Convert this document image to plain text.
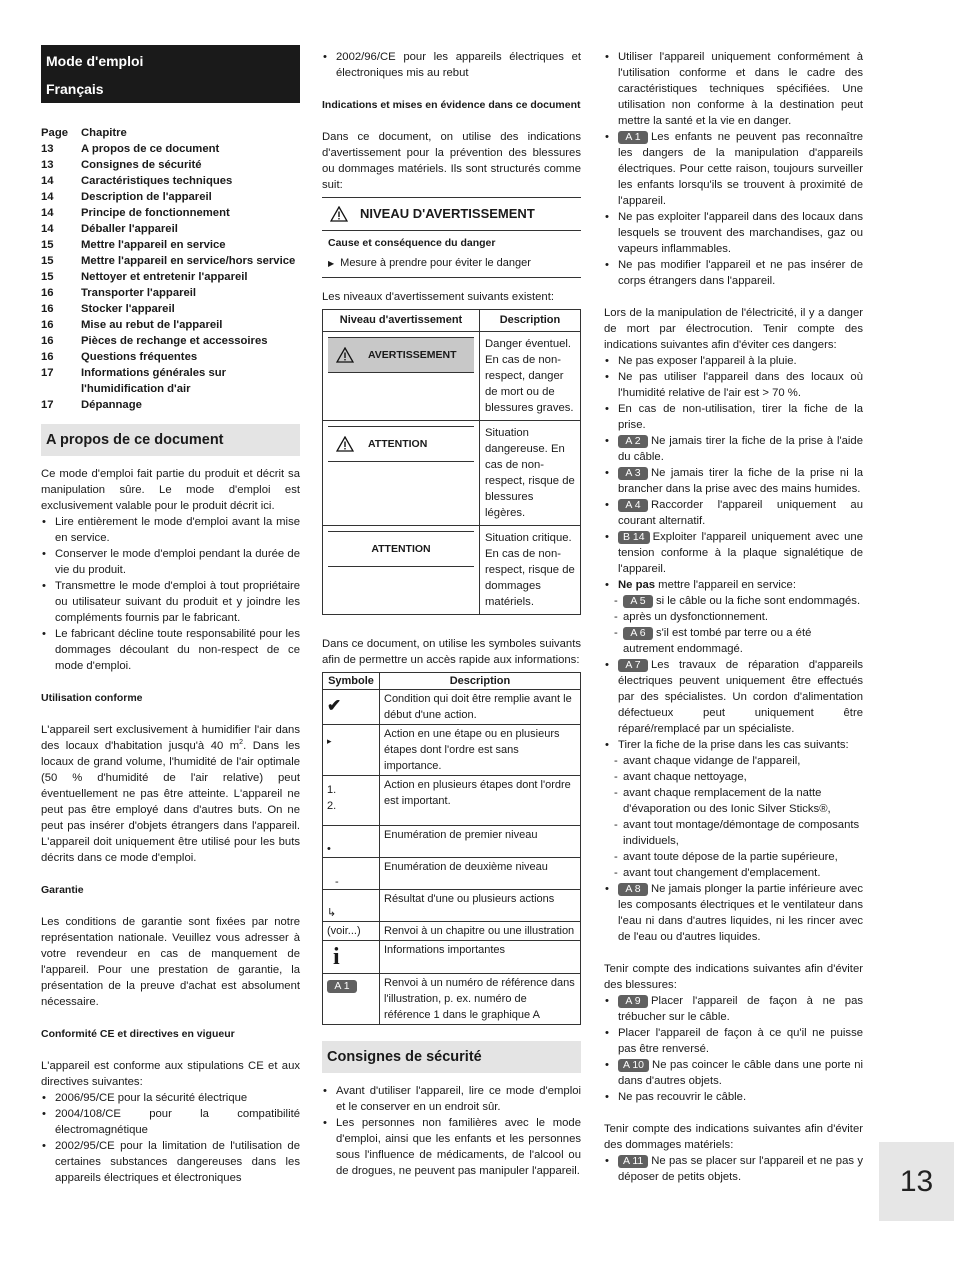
Mode d'emploi
Français
Page	Chapitre
13	A propos de ce document
13	Consignes de sécurité
14	Caractéristiques techniques
14	Description de l'appareil
14	Principe de fonctionnement
14	Déballer l'appareil
15	Mettre l'appareil en service
15	Mettre l'appareil en service/hors service
15	Nettoyer et entretenir l'appareil
16	Transporter l'appareil
16	Stocker l'appareil
16	Mise au rebut de l'appareil
16	Pièces de rechange et accessoires
16	Questions fréquentes
17	Informations générales sur l'humidification d'air
17	Dépannage
A propos de ce document

Ce mode d'emploi fait partie du produit et décrit sa manipulation sûre. Le mode d'emploi est exclusivement valable pour le produit décrit ici.

• Lire entièrement le mode d'emploi avant la mise en service.
• Conserver le mode d'emploi pendant la durée de vie du produit.
• Transmettre le mode d'emploi à tout propriétaire ou utilisateur suivant du produit et y joindre les compléments fournis par le fabricant.
• Le fabricant décline toute responsabilité pour les dommages découlant du non-respect de ce mode d'emploi.

Utilisation conforme

L'appareil sert exclusivement à humidifier l'air dans des locaux d'habitation jusqu'à 40 $m^2$. Dans les locaux de grand volume, l'humidité de l'air optimale (50 % d'humidité de l'air relative) peut éventuellement ne pas être atteinte. L'appareil ne peut pas être employé dans d'autres buts. On ne peut pas insérer d'objets étrangers dans l'appareil. L'appareil doit uniquement être utilisé pour les buts décrits dans ce mode d'emploi.

Garantie

Les conditions de garantie sont fixées par notre représentation nationale. Veuillez vous adresser à votre revendeur en cas de manquement de l'appareil. Pour une prestation de garantie, la présentation de la preuve d'achat est absolument nécessaire.

Conformité CE et directives en vigueur

L'appareil est conforme aux stipulations CE et aux directives suivantes:

• 2006/95/CE pour la sécurité électrique
• 2004/108/CE pour la compatibilité électromagnétique
• 2002/95/CE pour la limitation de l'utilisation de certaines substances dangereuses dans les appareils électriques et électroniques
• 2002/96/CE pour les appareils électriques et électroniques mis au rebut

Indications et mises en évidence dans ce document

Dans ce document, on utilise des indications d'avertissement pour la prévention des blessures ou dommages matériels. Ils sont structurés comme suit:

NIVEAU D'AVERTISSEMENT
Cause et conséquence du danger
▶ Mesure à prendre pour éviter le danger

Les niveaux d'avertissement suivants existent:

Niveau d'avertissement	Description

AVERTISSEMENT	Danger éventuel. En cas de non-respect, danger de mort ou de blessures graves.

ATTENTION	Situation dangereuse. En cas de non-respect, risque de blessures légères.

ATTENTION	Situation critique. En cas de non-respect, risque de dommages matériels.

Dans ce document, on utilise les symboles suivants afin de permettre un accès rapide aux informations:

Symbole	Description
✔	Condition qui doit être remplie avant le début d'une action.
▸	Action en une étape ou en plusieurs étapes dont l'ordre est sans importance.
1.
2.	Action en plusieurs étapes dont l'ordre est important.
•	Enumération de premier niveau
-	Enumération de deuxième niveau
↳	Résultat d'une ou plusieurs actions
(voir...)	Renvoi à un chapitre ou une illustration
i	Informations importantes
A 1	Renvoi à un numéro de référence dans l'illustration, p. ex. numéro de référence 1 dans le graphique A
Consignes de sécurité
• Avant d'utiliser l'appareil, lire ce mode d'emploi et le conserver en un endroit sûr.
• Les personnes non familières avec le mode d'emploi, ainsi que les enfants et les personnes sous l'influence de médicaments, de l'alcool ou de drogues, ne peuvent pas manipuler l'appareil.
• Utiliser l'appareil uniquement conformément à l'utilisation conforme et dans le cadre des caractéristiques techniques spécifiées. Une utilisation non conforme à la destination peut mettre la santé et la vie en danger.
• A 1 Les enfants ne peuvent pas reconnaître les dangers de la manipulation d'appareils électriques. Pour cette raison, toujours surveiller les enfants lorsqu'ils se trouvent à proximité de l'appareil.
• Ne pas exploiter l'appareil dans des locaux dans lesquels se trouvent des marchandises, gaz ou vapeurs inflammables.
• Ne pas modifier l'appareil et ne pas insérer de corps étrangers dans l'appareil.

Lors de la manipulation de l'électricité, il y a danger de mort par électrocution. Tenir compte des indications suivantes afin d'éviter ces dangers:

• Ne pas exposer l'appareil à la pluie.
• Ne pas utiliser l'appareil dans des locaux où l'humidité relative de l'air est > 70 %.
• En cas de non-utilisation, tirer la fiche de la prise.
• A 2 Ne jamais tirer la fiche de la prise à l'aide du câble.
• A 3 Ne jamais tirer la fiche de la prise ni la brancher dans la prise avec des mains humides.
• A 4 Raccorder l'appareil uniquement au courant alternatif.
• B 14 Exploiter l'appareil uniquement avec une tension conforme à la plaque signalétique de l'appareil.
• Ne pas mettre l'appareil en service:
- A 5 si le câble ou la fiche sont endommagés.
- après un dysfonctionnement.
- A 6 s'il est tombé par terre ou a été autrement endommagé.
• A 7 Les travaux de réparation d'appareils électriques peuvent uniquement être effectués par des spécialistes. Un cordon d'alimentation défectueux peut uniquement être réparé/remplacé par un spécialiste.
• Tirer la fiche de la prise dans les cas suivants:
- avant chaque vidange de l'appareil,
- avant chaque nettoyage,
- avant chaque remplacement de la natte d'évaporation ou des Ionic Silver Sticks®,
- avant tout montage/démontage de composants individuels,
- avant toute dépose de la partie supérieure,
- avant tout changement d'emplacement.
• A 8 Ne jamais plonger la partie inférieure avec les composants électriques et le ventilateur dans l'eau ni dans d'autres liquides, ni les rincer avec de l'eau ou d'autres liquides.

Tenir compte des indications suivantes afin d'éviter des blessures:

• A 9 Placer l'appareil de façon à ne pas trébucher sur le câble.
• Placer l'appareil de façon à ce qu'il ne puisse pas être renversé.
• A 10 Ne pas coincer le câble dans une porte ni dans d'autres objets.
• Ne pas recouvrir le câble.

Tenir compte des indications suivantes afin d'éviter des dommages matériels:

• A 11 Ne pas se placer sur l'appareil et ne pas y déposer de petits objets.	13
